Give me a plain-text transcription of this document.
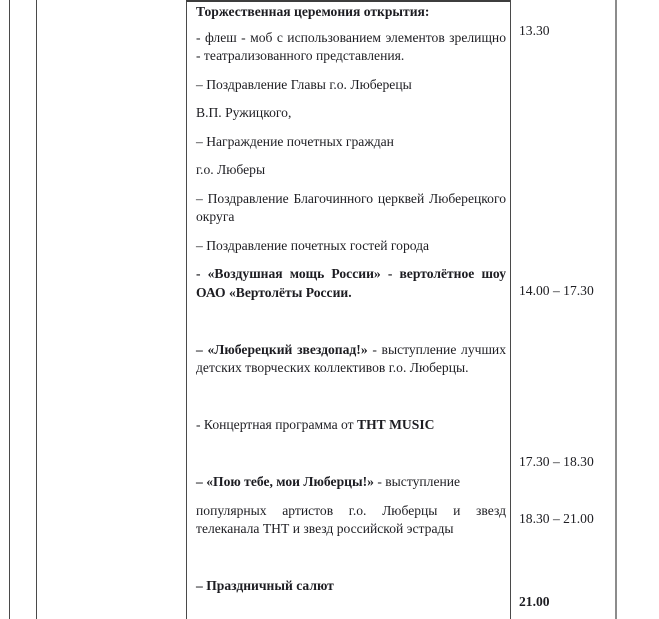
Торжественная церемония открытия:

- флеш - моб с использованием элементов зрелищно - театрализованного представления.

– Поздравление Главы г.о. Люберецы

В.П. Ружицкого,

– Награждение почетных граждан

г.о. Люберы

– Поздравление Благочинного церквей Люберецкого округа

– Поздравление почетных гостей города

- «Воздушная мощь России» - вертолётное шоу ОАО «Вертолёты России.

– «Люберецкий звездопад!» - выступление лучших детских творческих коллективов г.о. Люберцы.

- Концертная программа от ТНТ MUSIC

– «Пою тебе, мои Люберцы!» - выступление

популярных артистов г.о. Люберцы и звезд телеканала ТНТ и звезд российской эстрады

– Праздничный салют

13.30
14.00 – 17.30
17.30 – 18.30
18.30 – 21.00
21.00
